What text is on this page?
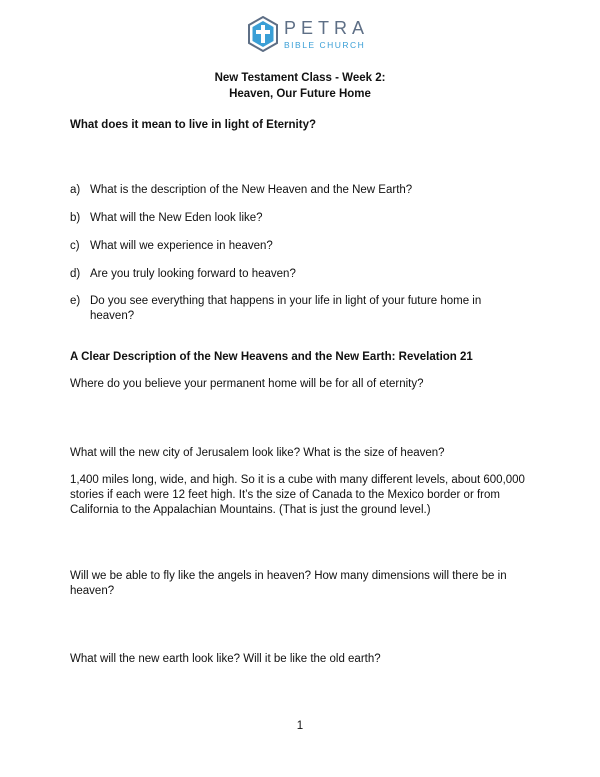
PETRA
BIBLE CHURCH
New Testament Class - Week 2:
Heaven, Our Future Home
What does it mean to live in light of Eternity?
a) What is the description of the New Heaven and the New Earth?
b) What will the New Eden look like?
c) What will we experience in heaven?
d) Are you truly looking forward to heaven?
e) Do you see everything that happens in your life in light of your future home in heaven?
A Clear Description of the New Heavens and the New Earth: Revelation 21
Where do you believe your permanent home will be for all of eternity?
What will the new city of Jerusalem look like? What is the size of heaven?
1,400 miles long, wide, and high. So it is a cube with many different levels, about 600,000 stories if each were 12 feet high. It’s the size of Canada to the Mexico border or from California to the Appalachian Mountains. (That is just the ground level.)
Will we be able to fly like the angels in heaven? How many dimensions will there be in heaven?
What will the new earth look like? Will it be like the old earth?
1
